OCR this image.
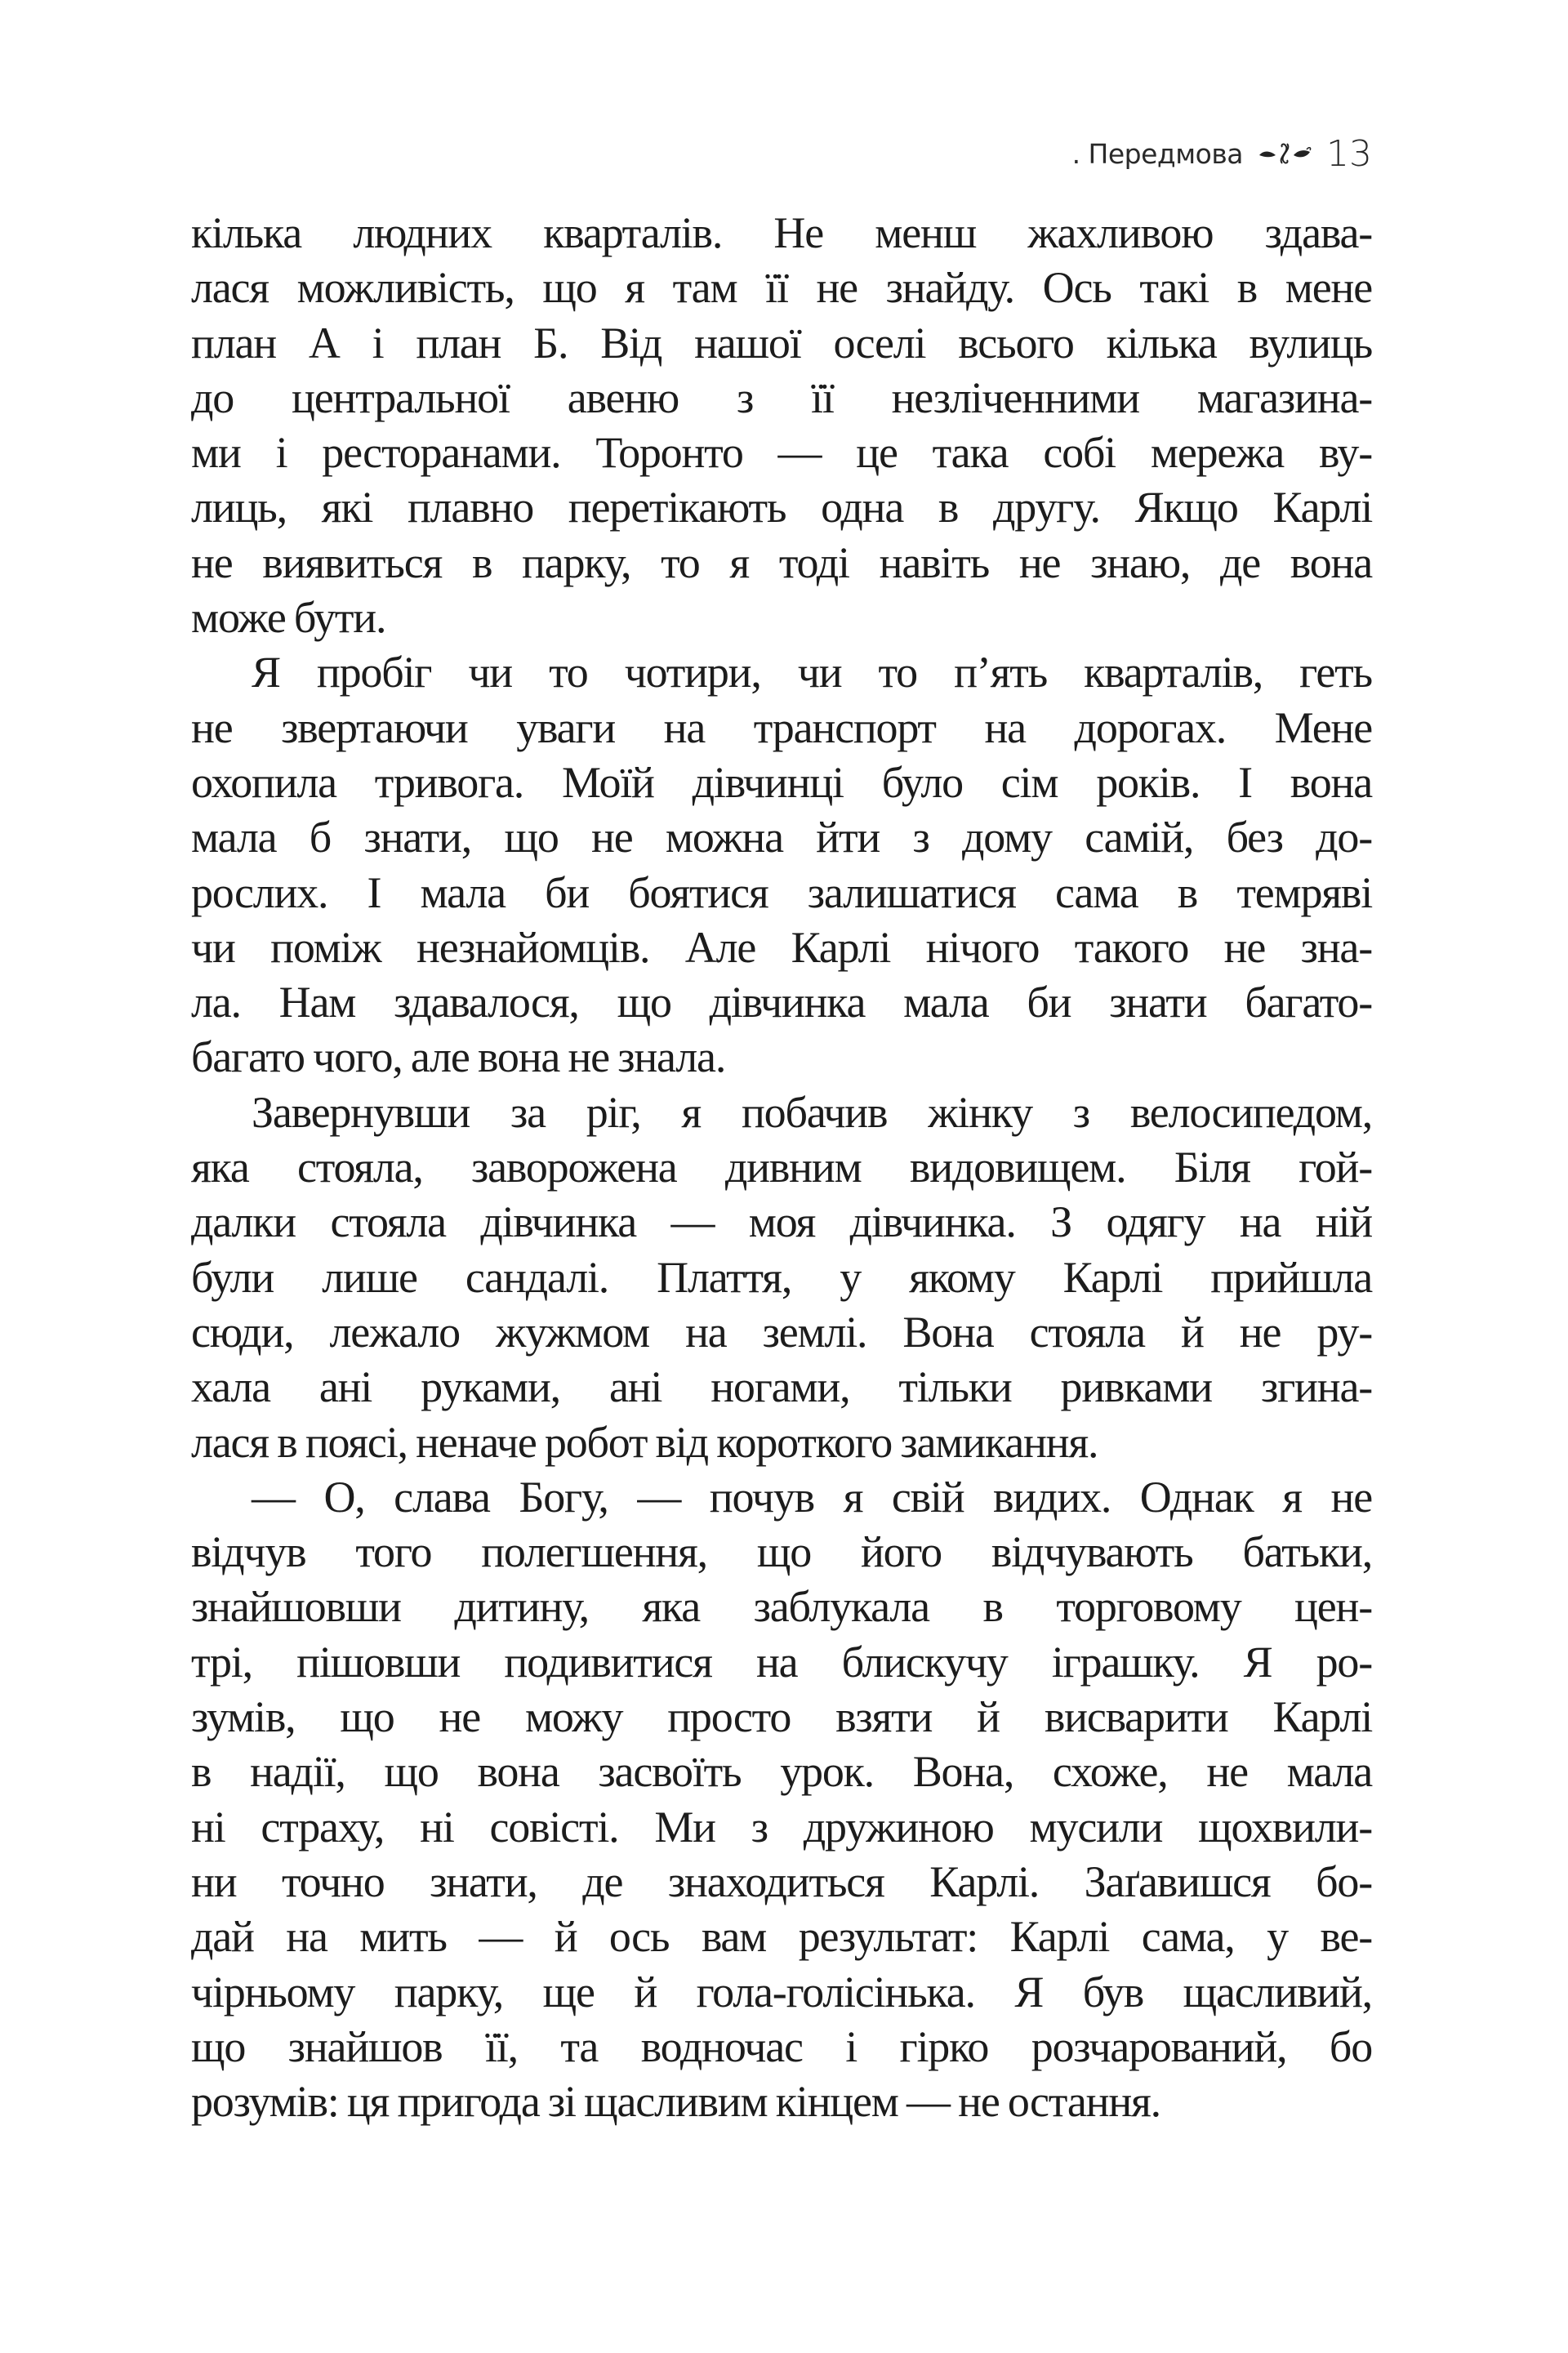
. Передмова 13
кілька людних кварталів. Не менш жахливою здава-
лася можливість, що я там її не знайду. Ось такі в мене
план А і план Б. Від нашої оселі всього кілька вулиць
до центральної авеню з її незліченними магазина-
ми і ресторанами. Торонто — це така собі мережа ву-
лиць, які плавно перетікають одна в другу. Якщо Карлі
не виявиться в парку, то я тоді навіть не знаю, де вона
може бути.
Я пробіг чи то чотири, чи то п’ять кварталів, геть
не звертаючи уваги на транспорт на дорогах. Мене
охопила тривога. Моїй дівчинці було сім років. І вона
мала б знати, що не можна йти з дому самій, без до-
рослих. І мала би боятися залишатися сама в темряві
чи поміж незнайомців. Але Карлі нічого такого не зна-
ла. Нам здавалося, що дівчинка мала би знати багато-
багато чого, але вона не знала.
Завернувши за ріг, я побачив жінку з велосипедом,
яка стояла, заворожена дивним видовищем. Біля гой-
далки стояла дівчинка — моя дівчинка. З одягу на ній
були лише сандалі. Плаття, у якому Карлі прийшла
сюди, лежало жужмом на землі. Вона стояла й не ру-
хала ані руками, ані ногами, тільки ривками згина-
лася в поясі, неначе робот від короткого замикання.
— О, слава Богу, — почув я свій видих. Однак я не
відчув того полегшення, що його відчувають батьки,
знайшовши дитину, яка заблукала в торговому цен-
трі, пішовши подивитися на блискучу іграшку. Я ро-
зумів, що не можу просто взяти й висварити Карлі
в надії, що вона засвоїть урок. Вона, схоже, не мала
ні страху, ні совісті. Ми з дружиною мусили щохвили-
ни точно знати, де знаходиться Карлі. Заґавишся бо-
дай на мить — й ось вам результат: Карлі сама, у ве-
чірньому парку, ще й гола-голісінька. Я був щасливий,
що знайшов її, та водночас і гірко розчарований, бо
розумів: ця пригода зі щасливим кінцем — не остання.
